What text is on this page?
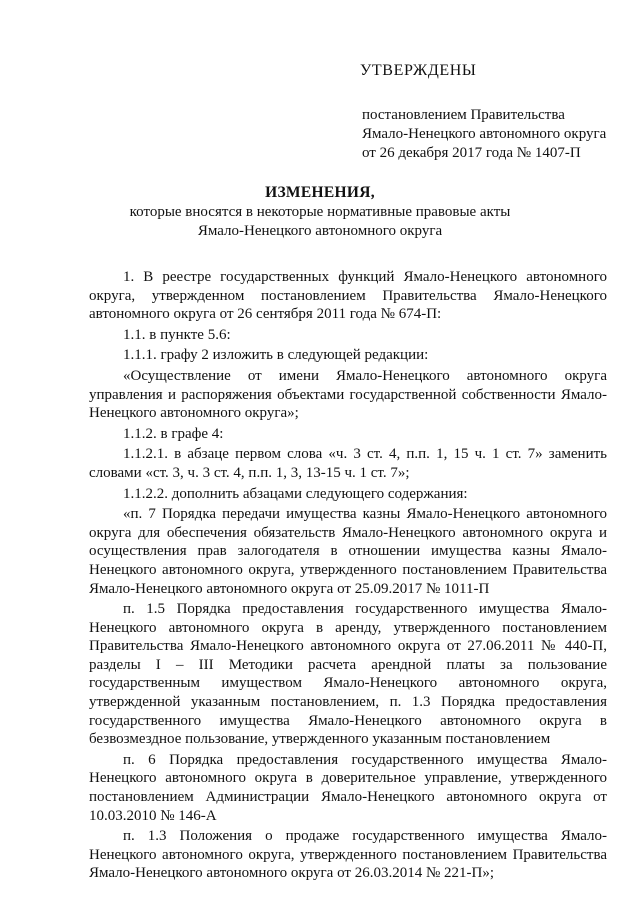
УТВЕРЖДЕНЫ
постановлением Правительства
Ямало-Ненецкого автономного округа
от 26 декабря 2017 года № 1407-П
ИЗМЕНЕНИЯ,
которые вносятся в некоторые нормативные правовые акты
Ямало-Ненецкого автономного округа

1. В реестре государственных функций Ямало-Ненецкого автономного округа, утвержденном постановлением Правительства Ямало-Ненецкого автономного округа от 26 сентября 2011 года № 674-П:

1.1. в пункте 5.6:

1.1.1. графу 2 изложить в следующей редакции:

«Осуществление от имени Ямало-Ненецкого автономного округа управления и распоряжения объектами государственной собственности Ямало-Ненецкого автономного округа»;

1.1.2. в графе 4:

1.1.2.1. в абзаце первом слова «ч. 3 ст. 4, п.п. 1, 15 ч. 1 ст. 7» заменить словами «ст. 3, ч. 3 ст. 4, п.п. 1, 3, 13-15 ч. 1 ст. 7»;

1.1.2.2. дополнить абзацами следующего содержания:

«п. 7 Порядка передачи имущества казны Ямало-Ненецкого автономного округа для обеспечения обязательств Ямало-Ненецкого автономного округа и осуществления прав залогодателя в отношении имущества казны Ямало-Ненецкого автономного округа, утвержденного постановлением Правительства Ямало-Ненецкого автономного округа от 25.09.2017 № 1011-П

п. 1.5 Порядка предоставления государственного имущества Ямало-Ненецкого автономного округа в аренду, утвержденного постановлением Правительства Ямало-Ненецкого автономного округа от 27.06.2011 № 440-П, разделы I – III Методики расчета арендной платы за пользование государственным имуществом Ямало-Ненецкого автономного округа, утвержденной указанным постановлением, п. 1.3 Порядка предоставления государственного имущества Ямало-Ненецкого автономного округа в безвозмездное пользование, утвержденного указанным постановлением

п. 6 Порядка предоставления государственного имущества Ямало-Ненецкого автономного округа в доверительное управление, утвержденного постановлением Администрации Ямало-Ненецкого автономного округа от 10.03.2010 № 146-А

п. 1.3 Положения о продаже государственного имущества Ямало-Ненецкого автономного округа, утвержденного постановлением Правительства Ямало-Ненецкого автономного округа от 26.03.2014 № 221-П»;
